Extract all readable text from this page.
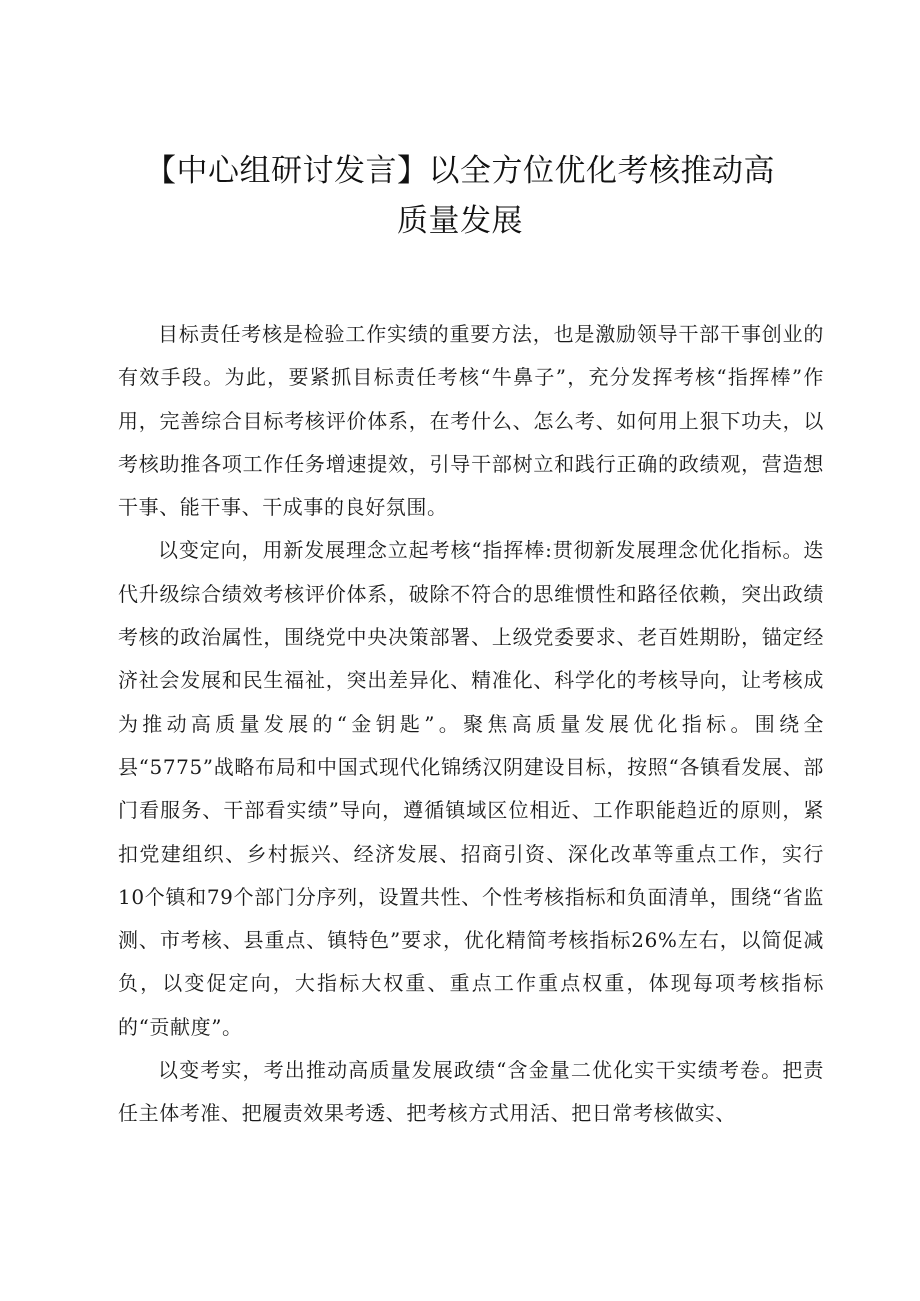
【中心组研讨发言】以全方位优化考核推动高
质量发展

目标责任考核是检验工作实绩的重要方法，也是激励领导干部干事创业的有效手段。为此，要紧抓目标责任考核“牛鼻子”，充分发挥考核“指挥棒”作用，完善综合目标考核评价体系，在考什么、怎么考、如何用上狠下功夫，以考核助推各项工作任务增速提效，引导干部树立和践行正确的政绩观，营造想干事、能干事、干成事的良好氛围。

以变定向，用新发展理念立起考核“指挥棒:贯彻新发展理念优化指标。迭代升级综合绩效考核评价体系，破除不符合的思维惯性和路径依赖，突出政绩考核的政治属性，围绕党中央决策部署、上级党委要求、老百姓期盼，锚定经济社会发展和民生福祉，突出差异化、精准化、科学化的考核导向，让考核成为推动高质量发展的“金钥匙”。聚焦高质量发展优化指标。围绕全县“5775”战略布局和中国式现代化锦绣汉阴建设目标，按照“各镇看发展、部门看服务、干部看实绩”导向，遵循镇域区位相近、工作职能趋近的原则，紧扣党建组织、乡村振兴、经济发展、招商引资、深化改革等重点工作，实行10个镇和79个部门分序列，设置共性、个性考核指标和负面清单，围绕“省监测、市考核、县重点、镇特色”要求，优化精简考核指标26%左右，以简促减负，以变促定向，大指标大权重、重点工作重点权重，体现每项考核指标的“贡献度”。

以变考实，考出推动高质量发展政绩“含金量二优化实干实绩考卷。把责任主体考准、把履责效果考透、把考核方式用活、把日常考核做实、
